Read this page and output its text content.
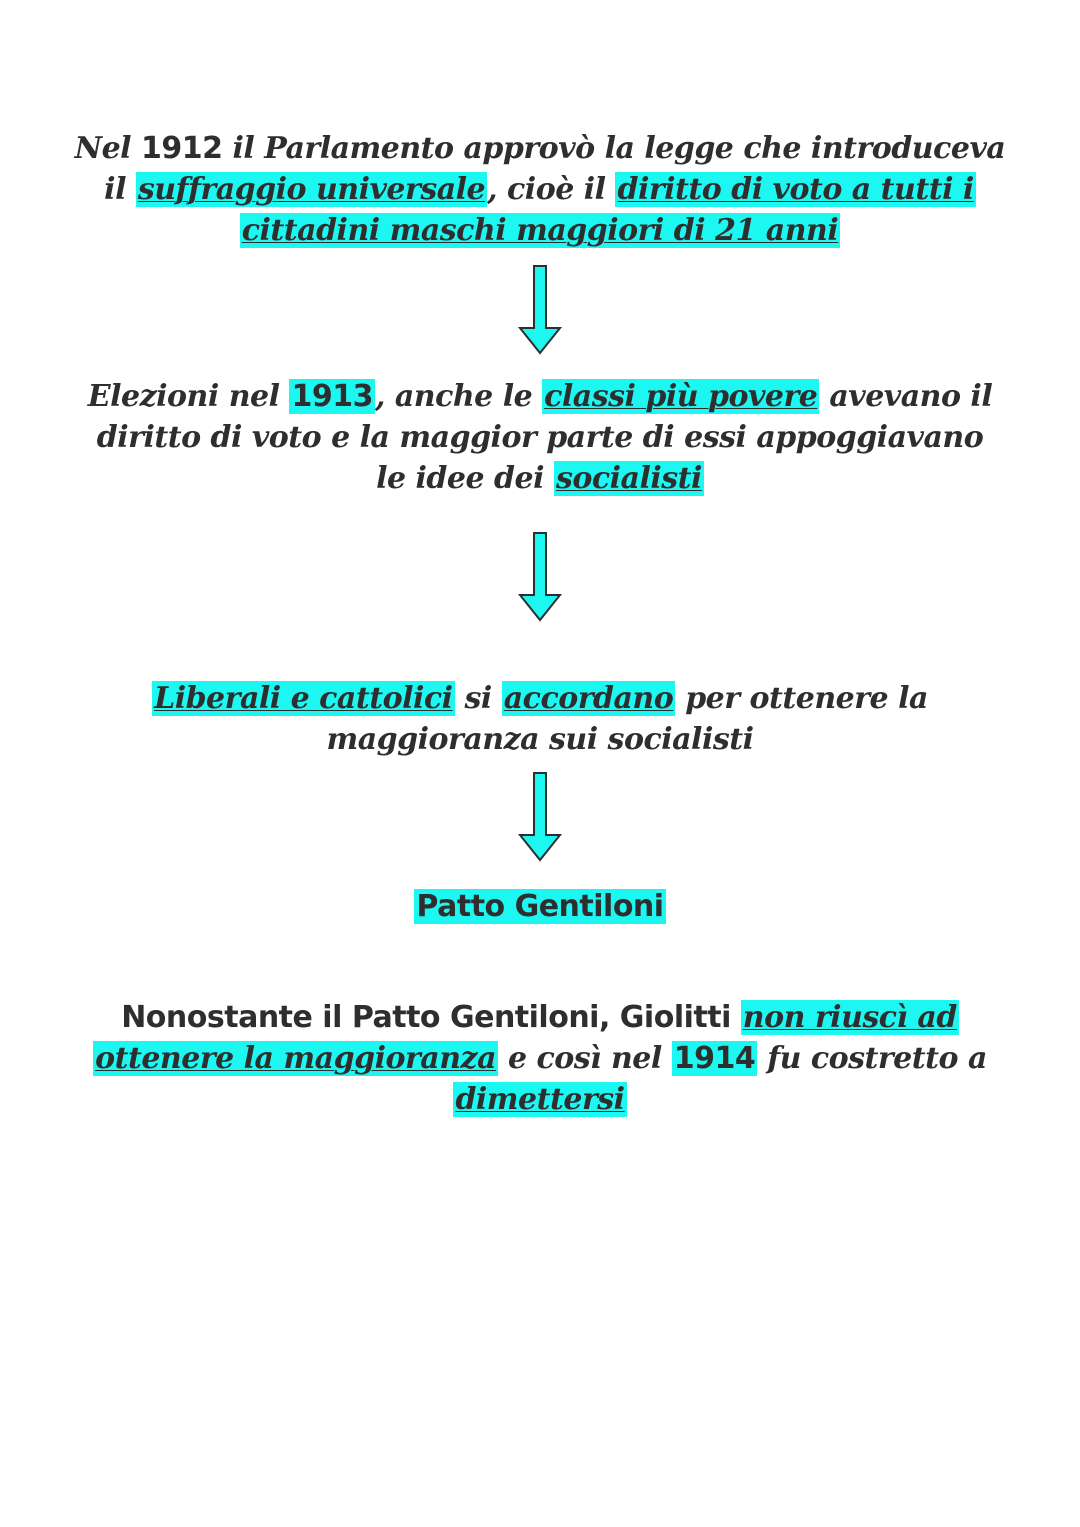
Nel 1912 il Parlamento approvò la legge che introduceva
il suffraggio universale, cioè il diritto di voto a tutti i
cittadini maschi maggiori di 21 anni
Elezioni nel 1913, anche le classi più povere avevano il
diritto di voto e la maggior parte di essi appoggiavano
le idee dei socialisti
Liberali e cattolici si accordano per ottenere la
maggioranza sui socialisti
Patto Gentiloni
Nonostante il Patto Gentiloni, Giolitti non riuscì ad
ottenere la maggioranza e così nel 1914 fu costretto a
dimettersi
